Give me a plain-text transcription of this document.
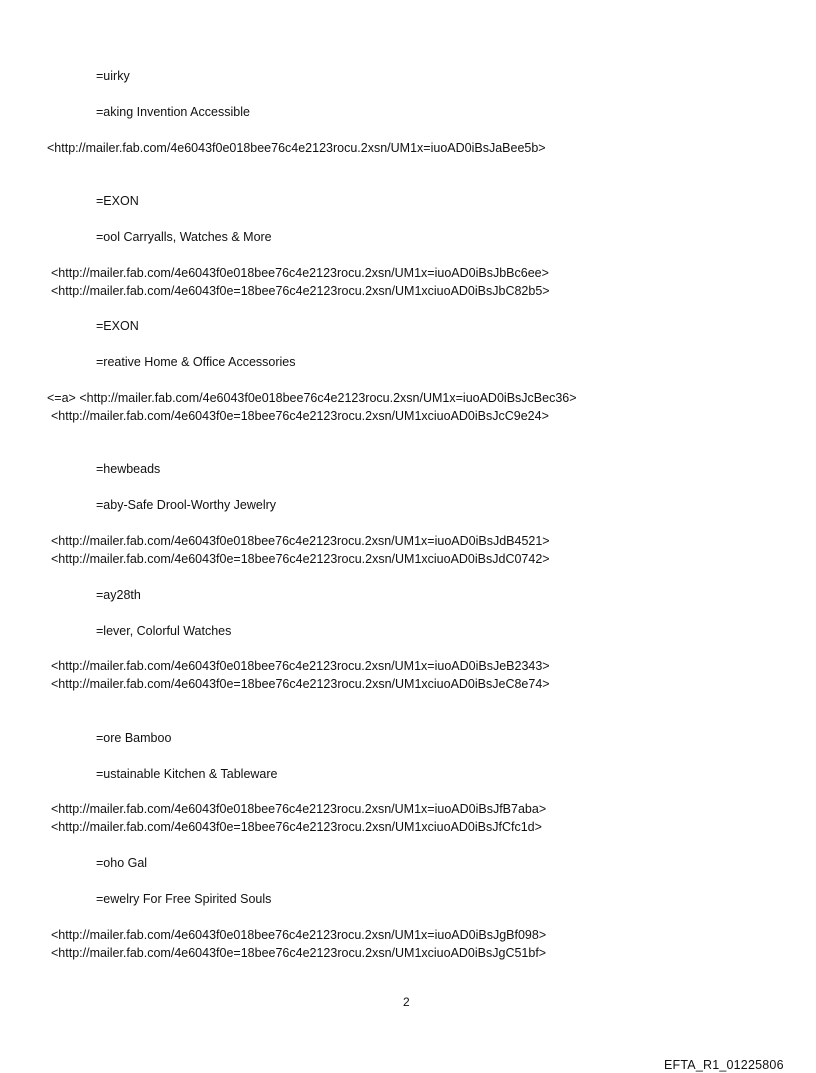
=uirky
=aking Invention Accessible
<http://mailer.fab.com/4e6043f0e018bee76c4e2123rocu.2xsn/UM1x=iuoAD0iBsJaBee5b>
=EXON
=ool Carryalls, Watches & More
<http://mailer.fab.com/4e6043f0e018bee76c4e2123rocu.2xsn/UM1x=iuoAD0iBsJbBc6ee>
<http://mailer.fab.com/4e6043f0e=18bee76c4e2123rocu.2xsn/UM1xciuoAD0iBsJbC82b5>
=EXON
=reative Home & Office Accessories
<=a> <http://mailer.fab.com/4e6043f0e018bee76c4e2123rocu.2xsn/UM1x=iuoAD0iBsJcBec36>
<http://mailer.fab.com/4e6043f0e=18bee76c4e2123rocu.2xsn/UM1xciuoAD0iBsJcC9e24>
=hewbeads
=aby-Safe Drool-Worthy Jewelry
<http://mailer.fab.com/4e6043f0e018bee76c4e2123rocu.2xsn/UM1x=iuoAD0iBsJdB4521>
<http://mailer.fab.com/4e6043f0e=18bee76c4e2123rocu.2xsn/UM1xciuoAD0iBsJdC0742>
=ay28th
=lever, Colorful Watches
<http://mailer.fab.com/4e6043f0e018bee76c4e2123rocu.2xsn/UM1x=iuoAD0iBsJeB2343>
<http://mailer.fab.com/4e6043f0e=18bee76c4e2123rocu.2xsn/UM1xciuoAD0iBsJeC8e74>
=ore Bamboo
=ustainable Kitchen & Tableware
<http://mailer.fab.com/4e6043f0e018bee76c4e2123rocu.2xsn/UM1x=iuoAD0iBsJfB7aba>
<http://mailer.fab.com/4e6043f0e=18bee76c4e2123rocu.2xsn/UM1xciuoAD0iBsJfCfc1d>
=oho Gal
=ewelry For Free Spirited Souls
<http://mailer.fab.com/4e6043f0e018bee76c4e2123rocu.2xsn/UM1x=iuoAD0iBsJgBf098>
<http://mailer.fab.com/4e6043f0e=18bee76c4e2123rocu.2xsn/UM1xciuoAD0iBsJgC51bf>
2
EFTA_R1_01225806
